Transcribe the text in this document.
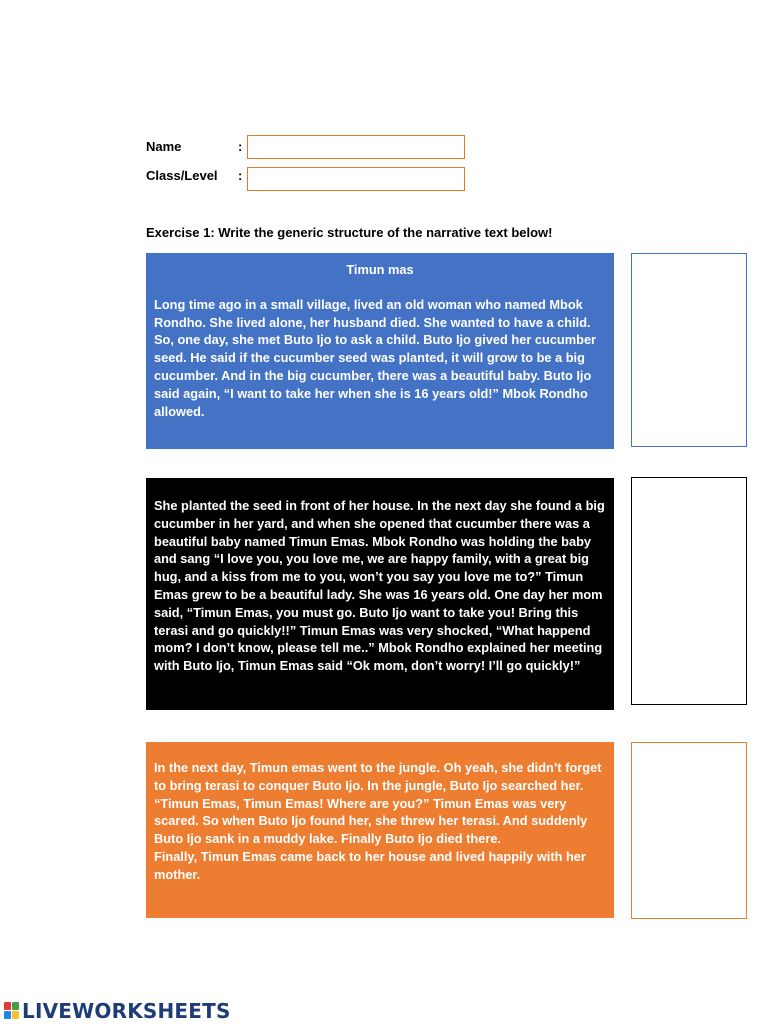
Name	:
Class/Level :
Exercise 1: Write the generic structure of the narrative text below!

Timun mas

Long time ago in a small village, lived an old woman who named Mbok Rondho. She lived alone, her husband died. She wanted to have a child. So, one day, she met Buto Ijo to ask a child. Buto Ijo gived her cucumber seed. He said if the cucumber seed was planted, it will grow to be a big cucumber. And in the big cucumber, there was a beautiful baby. Buto Ijo said again, “I want to take her when she is 16 years old!” Mbok Rondho allowed.

She planted the seed in front of her house. In the next day she found a big cucumber in her yard, and when she opened that cucumber there was a beautiful baby named Timun Emas. Mbok Rondho was holding the baby and sang “I love you, you love me, we are happy family, with a great big hug, and a kiss from me to you, won’t you say you love me to?” Timun Emas grew to be a beautiful lady. She was 16 years old. One day her mom said, “Timun Emas, you must go. Buto Ijo want to take you! Bring this terasi and go quickly!!” Timun Emas was very shocked, “What happend mom? I don’t know, please tell me..” Mbok Rondho explained her meeting with Buto Ijo, Timun Emas said “Ok mom, don’t worry! I’ll go quickly!”

In the next day, Timun emas went to the jungle. Oh yeah, she didn’t forget to bring terasi to conquer Buto Ijo. In the jungle, Buto Ijo searched her. “Timun Emas, Timun Emas! Where are you?” Timun Emas was very scared. So when Buto Ijo found her, she threw her terasi. And suddenly Buto Ijo sank in a muddy lake. Finally Buto Ijo died there.

Finally, Timun Emas came back to her house and lived happily with her mother.

LIVEWORKSHEETS
